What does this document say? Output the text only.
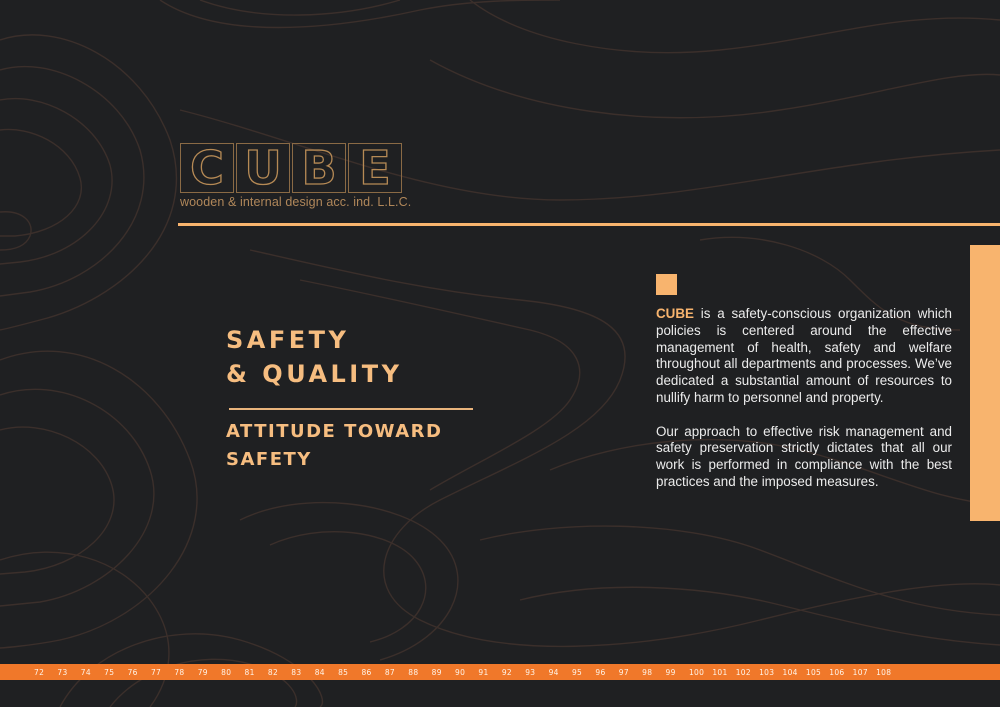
C U B E
wooden & internal design acc. ind. L.L.C.
SAFETY
& QUALITY
ATTITUDE TOWARD
SAFETY

CUBE is a safety-conscious organization which policies is centered around the effective management of health, safety and welfare throughout all departments and processes. We’ve dedicated a substantial amount of resources to nullify harm to personnel and property.

Our approach to effective risk management and safety preservation strictly dictates that all our work is performed in compliance with the best practices and the imposed measures.

72	73	74	75	76	77	78	79	80	81	82	83	84	85	86	87	88	89	90	91	92	93	94	95	96	97	98	99	100	101	102	103	104	105	106	107	108
